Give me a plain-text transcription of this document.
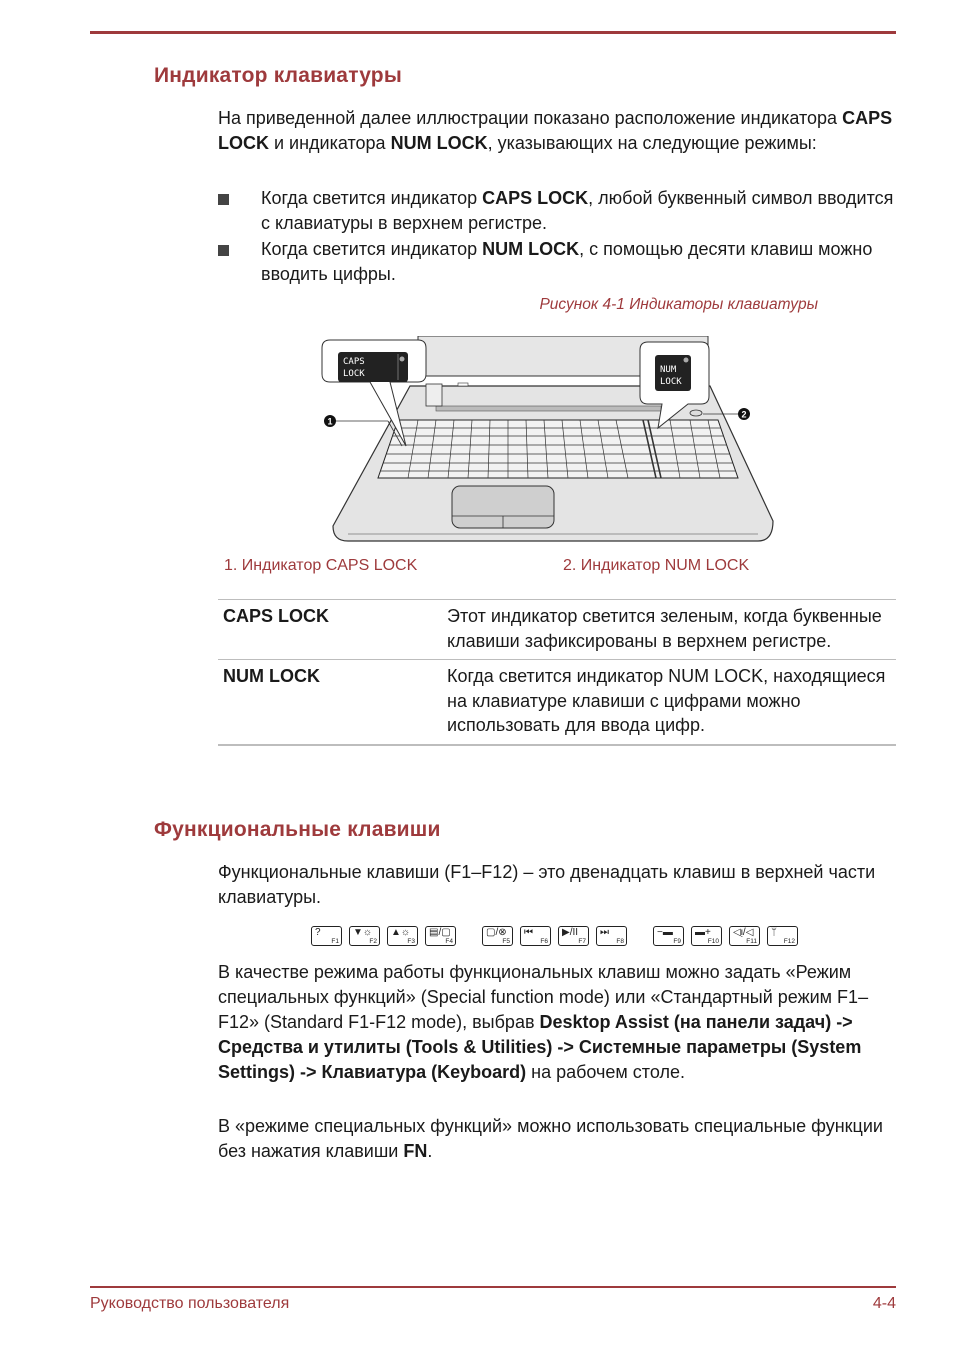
Индикатор клавиатуры
На приведенной далее иллюстрации показано расположение индикатора CAPS LOCK и индикатора NUM LOCK, указывающих на следующие режимы:
Когда светится индикатор CAPS LOCK, любой буквенный символ вводится с клавиатуры в верхнем регистре.
Когда светится индикатор NUM LOCK, с помощью десяти клавиш можно вводить цифры.
Рисунок 4-1 Индикаторы клавиатуры
CAPS
LOCK	NUM
LOCK
1
2
1. Индикатор CAPS LOCK	2. Индикатор NUM LOCK
CAPS LOCK	Этот индикатор светится зеленым, когда буквенные клавиши зафиксированы в верхнем регистре.
NUM LOCK	Когда светится индикатор NUM LOCK, находящиеся на клавиатуре клавиши с цифрами можно использовать для ввода цифр.
Функциональные клавиши
Функциональные клавиши (F1–F12) – это двенадцать клавиш в верхней части клавиатуры.
?
F1
▼☼
F2
▲☼
F3
▤/▢
F4
▢/⊗
F5
⏮
F6
▶/II
F7
⏭
F8
−▬
F9
▬+
F10
◁ᴉ/◁
F11
ᛘ
F12
В качестве режима работы функциональных клавиш можно задать «Режим специальных функций» (Special function mode) или «Стандартный режим F1–F12» (Standard F1-F12 mode), выбрав Desktop Assist (на панели задач) -> Средства и утилиты (Tools & Utilities) -> Системные параметры (System Settings) -> Клавиатура (Keyboard) на рабочем столе.
В «режиме специальных функций» можно использовать специальные функции без нажатия клавиши FN.
Руководство пользователя	4-4
